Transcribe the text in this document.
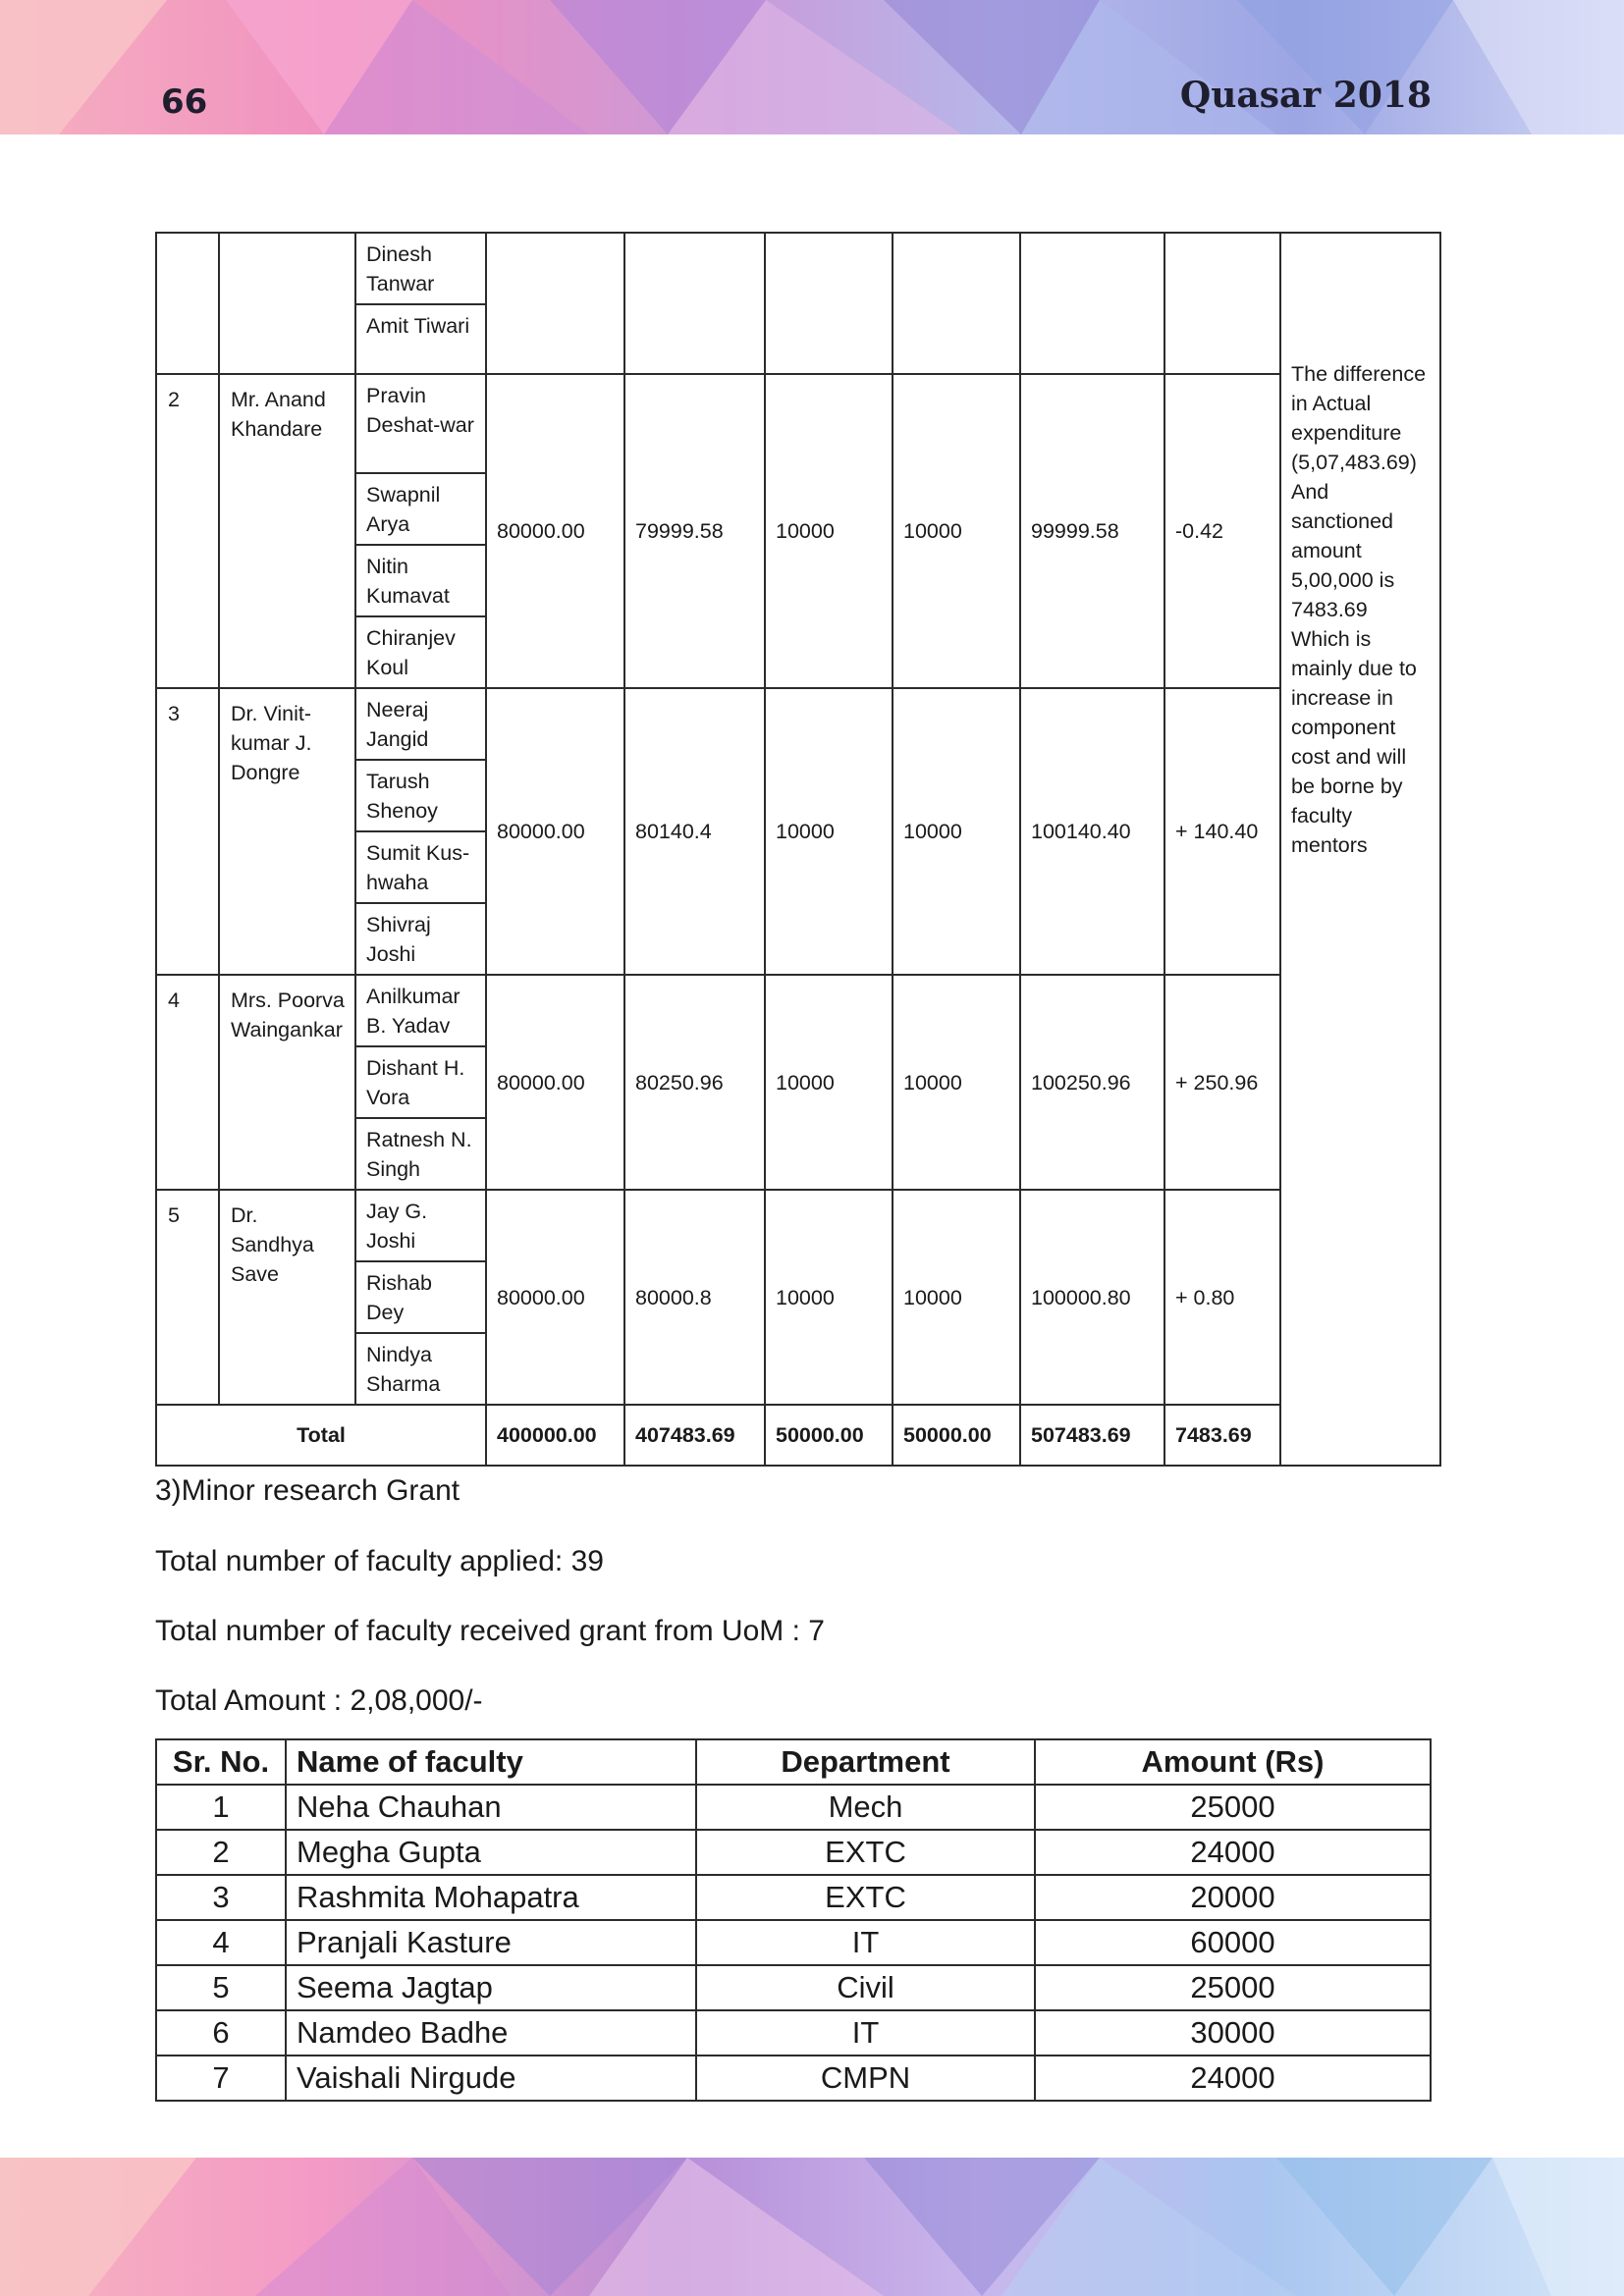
66	Quasar 2018
		Dinesh Tanwar							The difference in Actual expenditure (5,07,483.69) And sanctioned amount 5,00,000 is 7483.69 Which is mainly due to increase in component cost and will be borne by faculty mentors
		Amit Tiwari							
2	Mr. Anand Khandare	Pravin Deshat-war	80000.00	79999.58	10000	10000	99999.58	-0.42	
		Swapnil Arya							
		Nitin Kumavat							
		Chiranjev Koul							
3	Dr. Vinit-kumar J. Dongre	Neeraj Jangid	80000.00	80140.4	10000	10000	100140.40	+ 140.40	
		Tarush Shenoy							
		Sumit Kus-hwaha							
		Shivraj Joshi							
4	Mrs. Poorva Waingankar	Anilkumar B. Yadav	80000.00	80250.96	10000	10000	100250.96	+ 250.96	
		Dishant H. Vora							
		Ratnesh N. Singh							
5	Dr. Sandhya Save	Jay G. Joshi	80000.00	80000.8	10000	10000	100000.80	+ 0.80	
		Rishab Dey							
		Nindya Sharma							
Total			400000.00	407483.69	50000.00	50000.00	507483.69	7483.69	
3)Minor research Grant
Total number of faculty applied: 39
Total number of faculty received grant from UoM : 7
Total Amount : 2,08,000/-
Sr. No.	Name of faculty	Department	Amount (Rs)
1	Neha Chauhan	Mech	25000
2	Megha Gupta	EXTC	24000
3	Rashmita Mohapatra	EXTC	20000
4	Pranjali Kasture	IT	60000
5	Seema Jagtap	Civil	25000
6	Namdeo Badhe	IT	30000
7	Vaishali Nirgude	CMPN	24000
